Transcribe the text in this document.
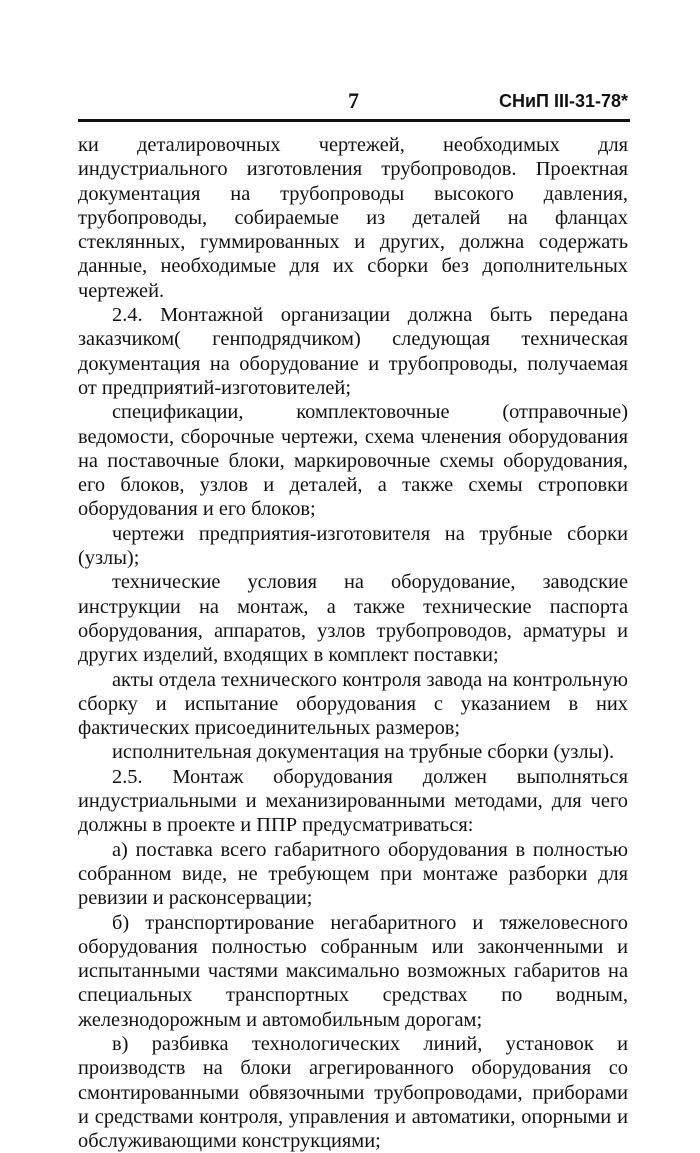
7	СНиП III-31-78*

ки деталировочных чертежей, необходимых для индустриального изготовления трубопроводов. Проектная документация на трубопроводы высокого давления, трубопроводы, собираемые из деталей на фланцах стеклянных, гуммированных и других, должна содержать данные, необходимые для их сборки без дополнительных чертежей.

2.4. Монтажной организации должна быть передана заказчиком( генподрядчиком) следующая техническая документация на оборудование и трубопроводы, получаемая от предприятий-изготовителей;

спецификации, комплектовочные (отправочные) ведомости, сборочные чертежи, схема членения оборудования на поставочные блоки, маркировочные схемы оборудования, его блоков, узлов и деталей, а также схемы строповки оборудования и его блоков;

чертежи предприятия-изготовителя на трубные сборки (узлы);

технические условия на оборудование, заводские инструкции на монтаж, а также технические паспорта оборудования, аппаратов, узлов трубопроводов, арматуры и других изделий, входящих в комплект поставки;

акты отдела технического контроля завода на контрольную сборку и испытание оборудования с указанием в них фактических присоединительных размеров;

исполнительная документация на трубные сборки (узлы).

2.5. Монтаж оборудования должен выполняться индустриальными и механизированными методами, для чего должны в проекте и ППР предусматриваться:

а) поставка всего габаритного оборудования в полностью собранном виде, не требующем при монтаже разборки для ревизии и расконсервации;

б) транспортирование негабаритного и тяжеловесного оборудования полностью собранным или законченными и испытанными частями максимально возможных габаритов на специальных транспортных средствах по водным, железнодорожным и автомобильным дорогам;

в) разбивка технологических линий, установок и производств на блоки агрегированного оборудования со смонтированными обвязочными трубопроводами, приборами и средствами контроля, управления и автоматики, опорными и обслуживающими конструкциями;
